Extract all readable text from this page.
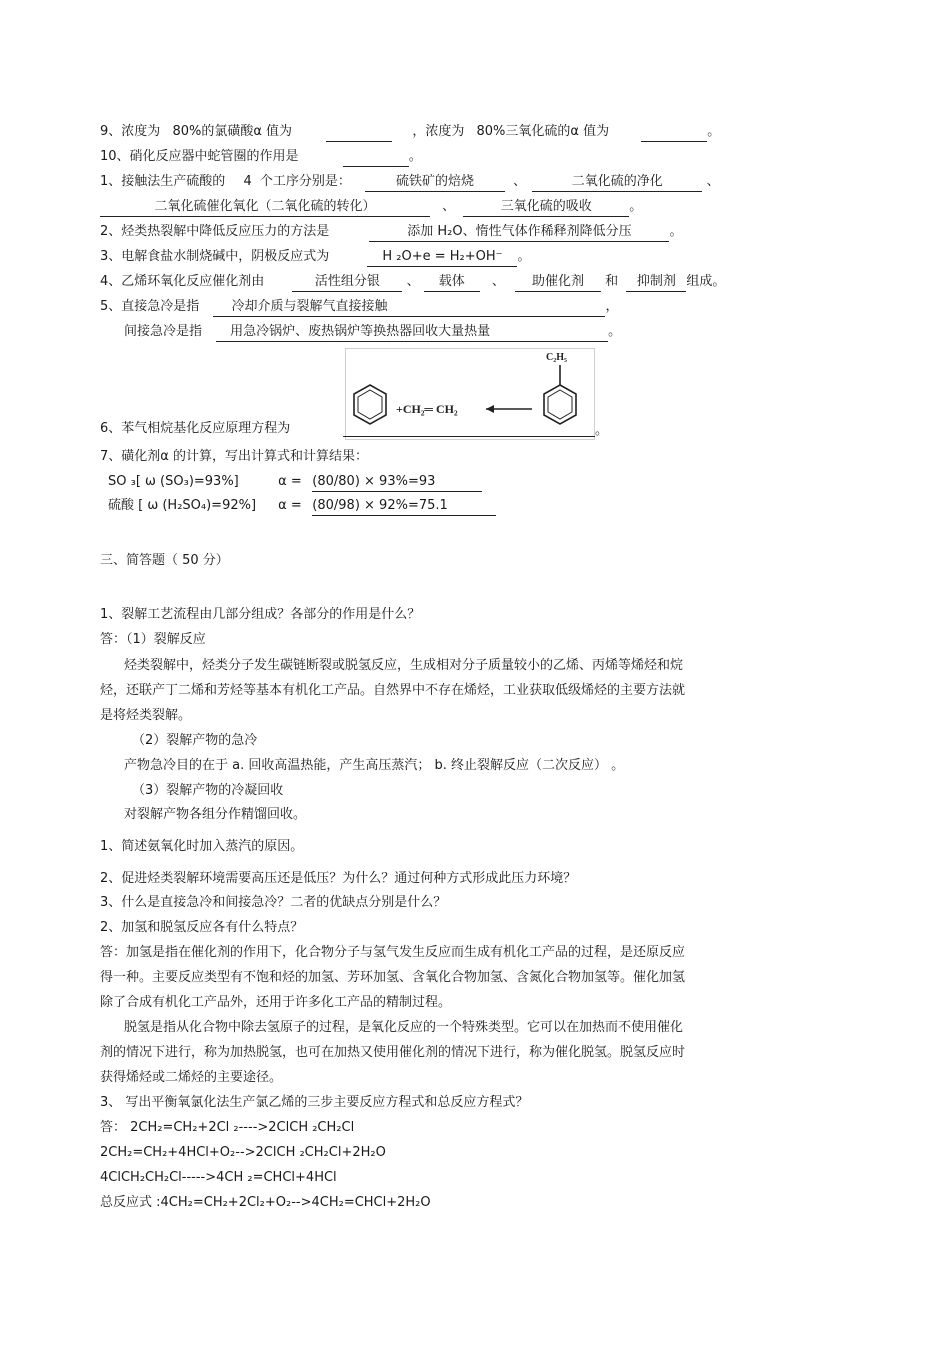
9、浓度为 80%的氯磺酸α 值为	，浓度为 80%三氧化硫的α 值为	。
10、硝化反应器中蛇管圈的作用是	。
1、接触法生产硫酸的 4 个工序分别是：	硫铁矿的焙烧	、	二氧化硫的净化	、
二氧化硫催化氧化（二氧化硫的转化）	、	三氧化硫的吸收	。
2、烃类热裂解中降低反应压力的方法是	添加 H₂O、惰性气体作稀释剂降低分压	。
3、电解食盐水制烧碱中，阴极反应式为	H ₂O+e = H₂+OH⁻ 。
4、乙烯环氧化反应催化剂由	活性组分银 、 载体 、 助催化剂 和 抑制剂 组成。
5、直接急冷是指 冷却介质与裂解气直接接触	，
间接急冷是指 用急冷锅炉、废热锅炉等换热器回收大量热量	。
+CH₂═ CH₂
C₂H₅
6、苯气相烷基化反应原理方程为	。
7、磺化剂α 的计算，写出计算式和计算结果：
SO ₃[ ω (SO₃)=93%]	α = (80/80) × 93%=93
硫酸 [ ω (H₂SO₄)=92%] α = (80/98) × 92%=75.1
三、简答题（ 50 分）
1、裂解工艺流程由几部分组成？各部分的作用是什么？
答：（1）裂解反应
烃类裂解中，烃类分子发生碳链断裂或脱氢反应，生成相对分子质量较小的乙烯、丙烯等烯烃和烷
烃，还联产丁二烯和芳烃等基本有机化工产品。自然界中不存在烯烃，工业获取低级烯烃的主要方法就
是将烃类裂解。
（2）裂解产物的急冷
产物急冷目的在于 a. 回收高温热能，产生高压蒸汽； b. 终止裂解反应（二次反应） 。
（3）裂解产物的冷凝回收
对裂解产物各组分作精馏回收。
1、简述氨氧化时加入蒸汽的原因。
2、促进烃类裂解环境需要高压还是低压？为什么？通过何种方式形成此压力环境？
3、什么是直接急冷和间接急冷？二者的优缺点分别是什么？
2、加氢和脱氢反应各有什么特点？
答：加氢是指在催化剂的作用下，化合物分子与氢气发生反应而生成有机化工产品的过程，是还原反应
得一种。主要反应类型有不饱和烃的加氢、芳环加氢、含氧化合物加氢、含氮化合物加氢等。催化加氢
除了合成有机化工产品外，还用于许多化工产品的精制过程。
脱氢是指从化合物中除去氢原子的过程，是氧化反应的一个特殊类型。它可以在加热而不使用催化
剂的情况下进行，称为加热脱氢，也可在加热又使用催化剂的情况下进行，称为催化脱氢。脱氢反应时
获得烯烃或二烯烃的主要途径。
3、 写出平衡氧氯化法生产氯乙烯的三步主要反应方程式和总反应方程式？
答： 2CH₂=CH₂+2Cl ₂---->2ClCH ₂CH₂Cl
2CH₂=CH₂+4HCl+O₂-->2ClCH ₂CH₂Cl+2H₂O
4ClCH₂CH₂Cl----->4CH ₂=CHCl+4HCl
总反应式 :4CH₂=CH₂+2Cl₂+O₂-->4CH₂=CHCl+2H₂O
